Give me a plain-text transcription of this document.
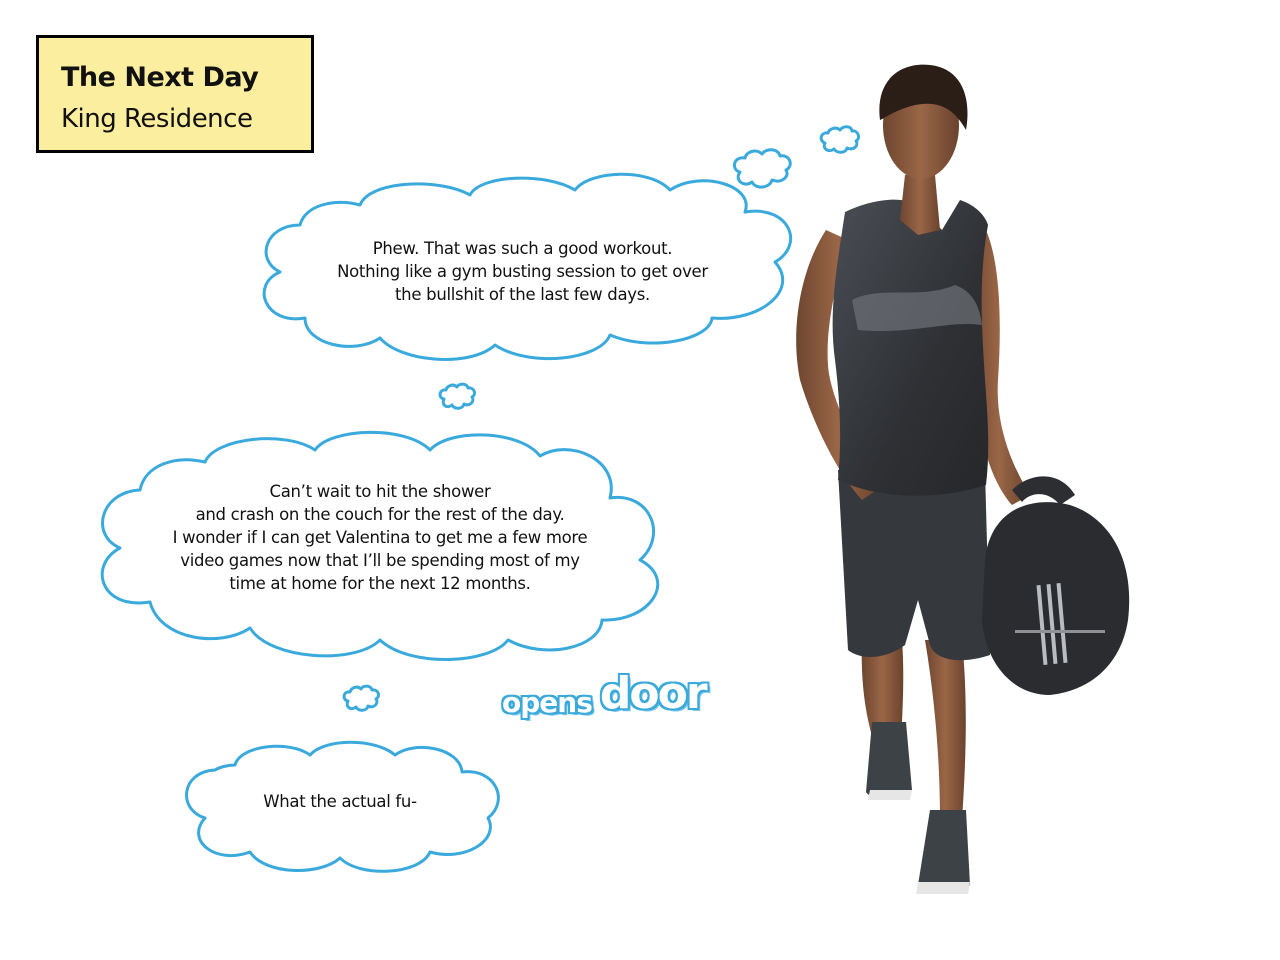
The Next Day
King Residence
Phew. That was such a good workout.
Nothing like a gym busting session to get over
the bullshit of the last few days.
Can’t wait to hit the shower
and crash on the couch for the rest of the day.
I wonder if I can get Valentina to get me a few more
video games now that I’ll be spending most of my
time at home for the next 12 months.
What the actual fu-
opens door
